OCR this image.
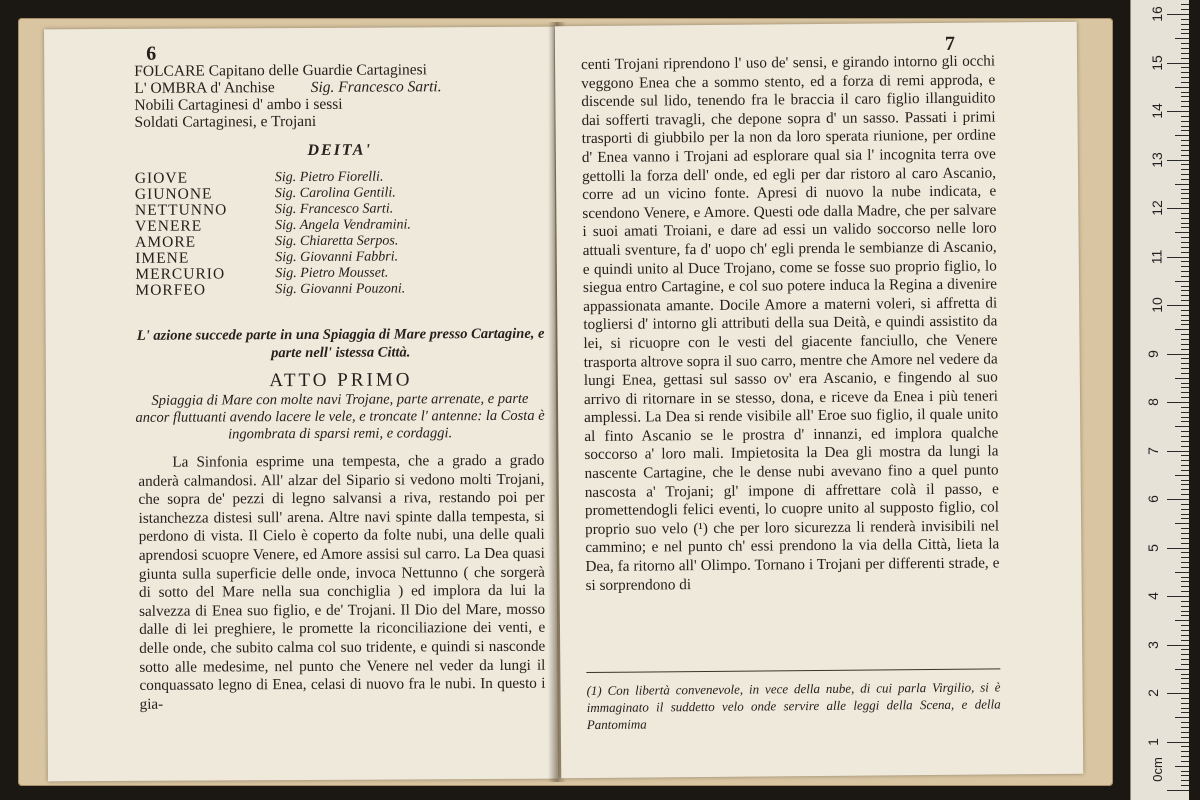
6
FOLCARE Capitano delle Guardie Cartaginesi
L' OMBRA d' Anchise Sig. Francesco Sarti.
Nobili Cartaginesi d' ambo i sessi
Soldati Cartaginesi, e Trojani
DEITA'
GIOVE	Sig. Pietro Fiorelli.
GIUNONE	Sig. Carolina Gentili.
NETTUNNO	Sig. Francesco Sarti.
VENERE	Sig. Angela Vendramini.
AMORE	Sig. Chiaretta Serpos.
IMENE	Sig. Giovanni Fabbri.
MERCURIO	Sig. Pietro Mousset.
MORFEO	Sig. Giovanni Pouzoni.
L' azione succede parte in una Spiaggia di Mare presso Cartagine, e parte nell' istessa Città.
ATTO PRIMO
Spiaggia di Mare con molte navi Trojane, parte arrenate, e parte ancor fluttuanti avendo lacere le vele, e troncate l' antenne: la Costa è ingombrata di sparsi remi, e cordaggi.
La Sinfonia esprime una tempesta, che a grado a grado anderà calmandosi. All' alzar del Sipario si vedono molti Trojani, che sopra de' pezzi di legno salvansi a riva, restando poi per istanchezza distesi sull' arena. Altre navi spinte dalla tempesta, si perdono di vista. Il Cielo è coperto da folte nubi, una delle quali aprendosi scuopre Venere, ed Amore assisi sul carro. La Dea quasi giunta sulla superficie delle onde, invoca Nettunno ( che sorgerà di sotto del Mare nella sua conchiglia ) ed implora da lui la salvezza di Enea suo figlio, e de' Trojani. Il Dio del Mare, mosso dalle di lei preghiere, le promette la riconciliazione dei venti, e delle onde, che subito calma col suo tridente, e quindi si nasconde sotto alle medesime, nel punto che Venere nel veder da lungi il conquassato legno di Enea, celasi di nuovo fra le nubi. In questo i gia-
7
centi Trojani riprendono l' uso de' sensi, e girando intorno gli occhi veggono Enea che a sommo stento, ed a forza di remi approda, e discende sul lido, tenendo fra le braccia il caro figlio illanguidito dai sofferti travagli, che depone sopra d' un sasso. Passati i primi trasporti di giubbilo per la non da loro sperata riunione, per ordine d' Enea vanno i Trojani ad esplorare qual sia l' incognita terra ove gettolli la forza dell' onde, ed egli per dar ristoro al caro Ascanio, corre ad un vicino fonte. Apresi di nuovo la nube indicata, e scendono Venere, e Amore. Questi ode dalla Madre, che per salvare i suoi amati Troiani, e dare ad essi un valido soccorso nelle loro attuali sventure, fa d' uopo ch' egli prenda le sembianze di Ascanio, e quindi unito al Duce Trojano, come se fosse suo proprio figlio, lo siegua entro Cartagine, e col suo potere induca la Regina a divenire appassionata amante. Docile Amore a materni voleri, si affretta di togliersi d' intorno gli attributi della sua Deità, e quindi assistito da lei, si ricuopre con le vesti del giacente fanciullo, che Venere trasporta altrove sopra il suo carro, mentre che Amore nel vedere da lungi Enea, gettasi sul sasso ov' era Ascanio, e fingendo al suo arrivo di ritornare in se stesso, dona, e riceve da Enea i più teneri amplessi. La Dea si rende visibile all' Eroe suo figlio, il quale unito al finto Ascanio se le prostra d' innanzi, ed implora qualche soccorso a' loro mali. Impietosita la Dea gli mostra da lungi la nascente Cartagine, che le dense nubi avevano fino a quel punto nascosta a' Trojani; gl' impone di affrettare colà il passo, e promettendogli felici eventi, lo cuopre unito al supposto figlio, col proprio suo velo (¹) che per loro sicurezza li renderà invisibili nel cammino; e nel punto ch' essi prendono la via della Città, lieta la Dea, fa ritorno all' Olimpo. Tornano i Trojani per differenti strade, e si sorprendono di
(1) Con libertà convenevole, in vece della nube, di cui parla Virgilio, si è immaginato il suddetto velo onde servire alle leggi della Scena, e della Pantomima
0cm
1
2
3
4
5
6
7
8
9
10
11
12
13
14
15
16
